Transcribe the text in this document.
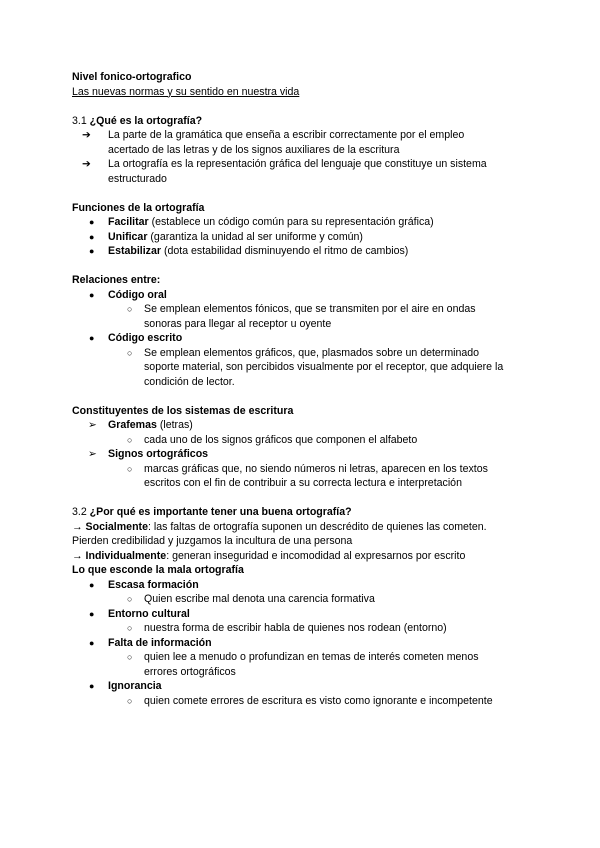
Nivel fonico-ortografico
Las nuevas normas y su sentido en nuestra vida
3.1 ¿Qué es la ortografía?
➔ La parte de la gramática que enseña a escribir correctamente por el empleo
acertado de las letras y de los signos auxiliares de la escritura
➔ La ortografía es la representación gráfica del lenguaje que constituye un sistema
estructurado
Funciones de la ortografía
● Facilitar (establece un código común para su representación gráfica)
● Unificar (garantiza la unidad al ser uniforme y común)
● Estabilizar (dota estabilidad disminuyendo el ritmo de cambios)
Relaciones entre:
● Código oral
○ Se emplean elementos fónicos, que se transmiten por el aire en ondas
sonoras para llegar al receptor u oyente
● Código escrito
○ Se emplean elementos gráficos, que, plasmados sobre un determinado
soporte material, son percibidos visualmente por el receptor, que adquiere la
condición de lector.
Constituyentes de los sistemas de escritura
➢ Grafemas (letras)
○ cada uno de los signos gráficos que componen el alfabeto
➢ Signos ortográficos
○ marcas gráficas que, no siendo números ni letras, aparecen en los textos
escritos con el fin de contribuir a su correcta lectura e interpretación
3.2 ¿Por qué es importante tener una buena ortografía?
→ Socialmente: las faltas de ortografía suponen un descrédito de quienes las cometen.
Pierden credibilidad y juzgamos la incultura de una persona
→ Individualmente: generan inseguridad e incomodidad al expresarnos por escrito
Lo que esconde la mala ortografía
● Escasa formación
○ Quien escribe mal denota una carencia formativa
● Entorno cultural
○ nuestra forma de escribir habla de quienes nos rodean (entorno)
● Falta de información
○ quien lee a menudo o profundizan en temas de interés cometen menos
errores ortográficos
● Ignorancia
○ quien comete errores de escritura es visto como ignorante e incompetente
